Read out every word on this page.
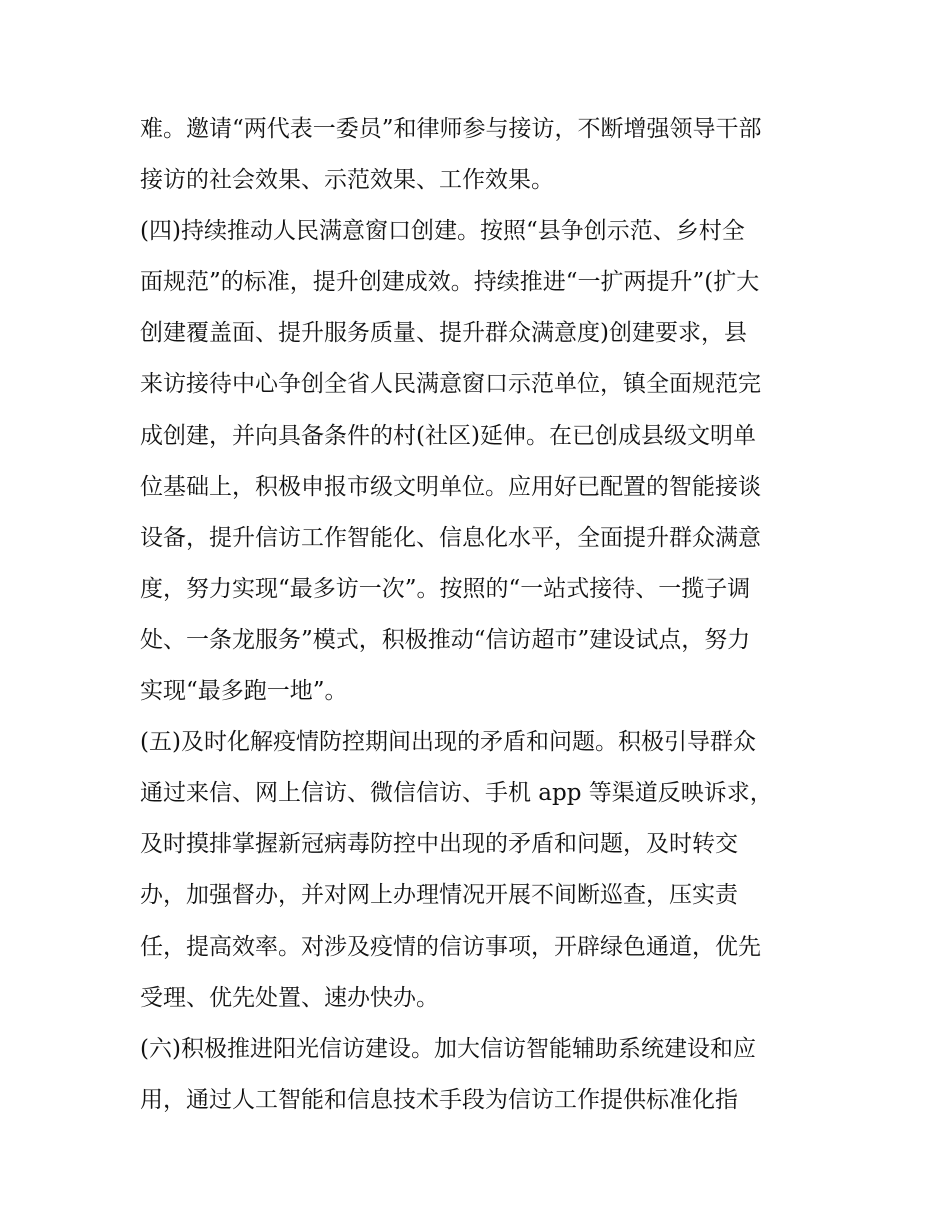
难。邀请“两代表一委员”和律师参与接访，不断增强领导干部
接访的社会效果、示范效果、工作效果。
(四)持续推动人民满意窗口创建。按照“县争创示范、乡村全
面规范”的标准，提升创建成效。持续推进“一扩两提升”(扩大
创建覆盖面、提升服务质量、提升群众满意度)创建要求，县
来访接待中心争创全省人民满意窗口示范单位，镇全面规范完
成创建，并向具备条件的村(社区)延伸。在已创成县级文明单
位基础上，积极申报市级文明单位。应用好已配置的智能接谈
设备，提升信访工作智能化、信息化水平，全面提升群众满意
度，努力实现“最多访一次”。按照的“一站式接待、一揽子调
处、一条龙服务”模式，积极推动“信访超市”建设试点，努力
实现“最多跑一地”。
(五)及时化解疫情防控期间出现的矛盾和问题。积极引导群众
通过来信、网上信访、微信信访、手机 app 等渠道反映诉求，
及时摸排掌握新冠病毒防控中出现的矛盾和问题，及时转交
办，加强督办，并对网上办理情况开展不间断巡查，压实责
任，提高效率。对涉及疫情的信访事项，开辟绿色通道，优先
受理、优先处置、速办快办。
(六)积极推进阳光信访建设。加大信访智能辅助系统建设和应
用，通过人工智能和信息技术手段为信访工作提供标准化指
